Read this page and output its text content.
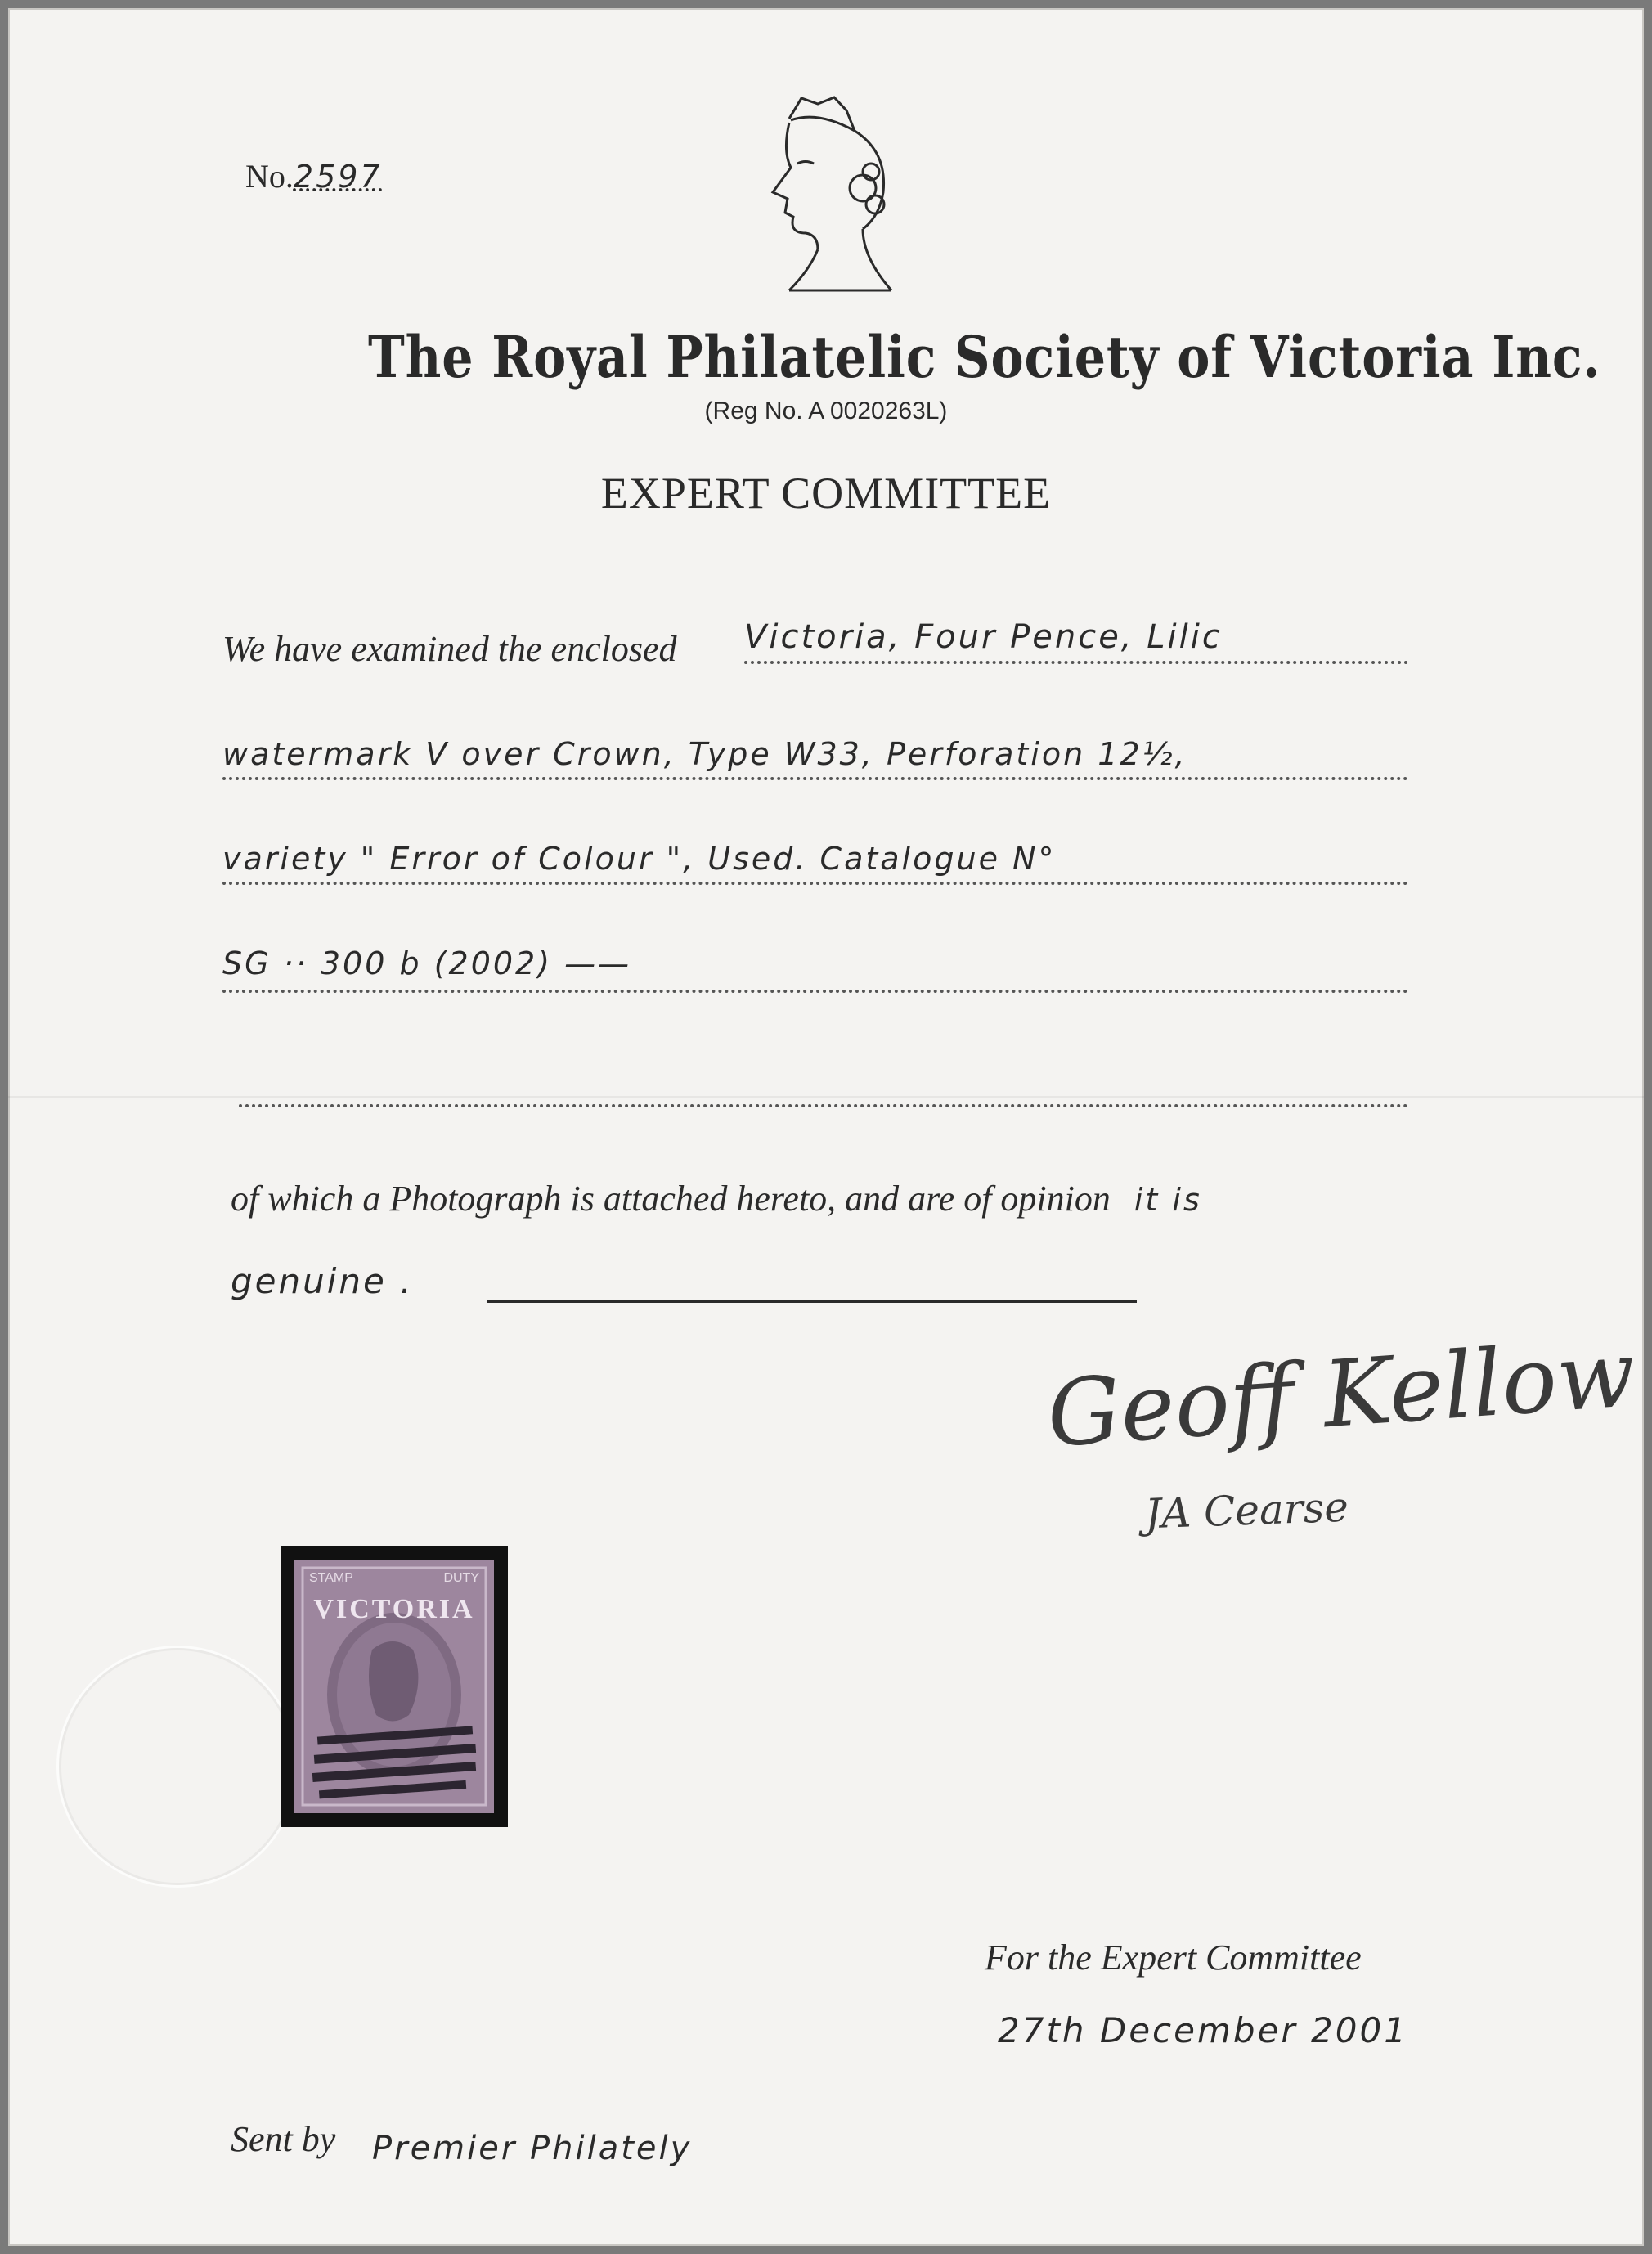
No.2597
The Royal Philatelic Society of Victoria Inc.
(Reg No. A 0020263L)
EXPERT COMMITTEE
We have examined the enclosed Victoria, Four Pence, Lilic
watermark V over Crown, Type W33, Perforation 12½,
variety " Error of Colour ", Used. Catalogue N°
SG ·· 300 b (2002) ——
of which a Photograph is attached hereto, and are of opinion it is
genuine .
Geoff Kellow
JA Cearse
STAMP	DUTY
VICTORIA
For the Expert Committee
27th December 2001
Sent by Premier Philately
